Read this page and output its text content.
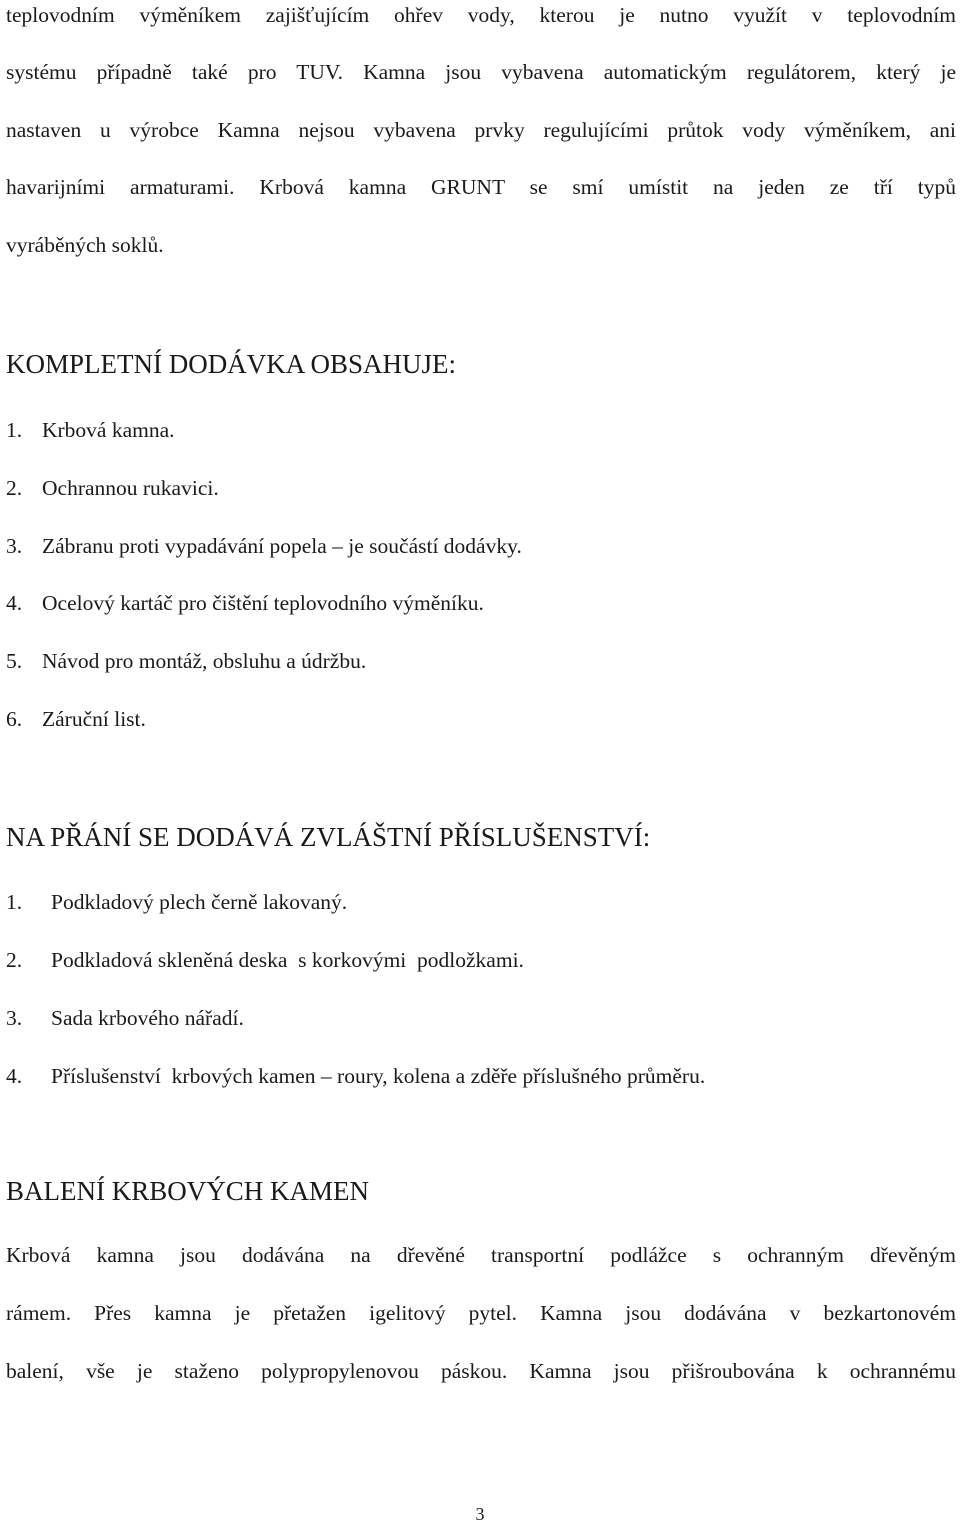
teplovodním výměníkem zajišťujícím ohřev vody, kterou je nutno využít v teplovodním
systému případně také pro TUV. Kamna jsou vybavena automatickým regulátorem, který je
nastaven u výrobce Kamna nejsou vybavena prvky regulujícími průtok vody výměníkem, ani
havarijními armaturami. Krbová kamna GRUNT se smí umístit na jeden ze tří typů
vyráběných soklů.
KOMPLETNÍ DODÁVKA OBSAHUJE:
1. Krbová kamna.
2. Ochrannou rukavici.
3. Zábranu proti vypadávání popela – je součástí dodávky.
4. Ocelový kartáč pro čištění teplovodního výměníku.
5. Návod pro montáž, obsluhu a údržbu.
6. Záruční list.
NA PŘÁNÍ SE DODÁVÁ ZVLÁŠTNÍ PŘÍSLUŠENSTVÍ:
1. Podkladový plech černě lakovaný.
2. Podkladová skleněná deska  s korkovými  podložkami.
3. Sada krbového nářadí.
4. Příslušenství  krbových kamen – roury, kolena a zděře příslušného průměru.
BALENÍ KRBOVÝCH KAMEN
Krbová kamna jsou dodávána na dřevěné transportní podlážce s ochranným dřevěným
rámem. Přes kamna je přetažen igelitový pytel. Kamna jsou dodávána v bezkartonovém
balení, vše je staženo polypropylenovou páskou. Kamna jsou přišroubována k ochrannému
3
